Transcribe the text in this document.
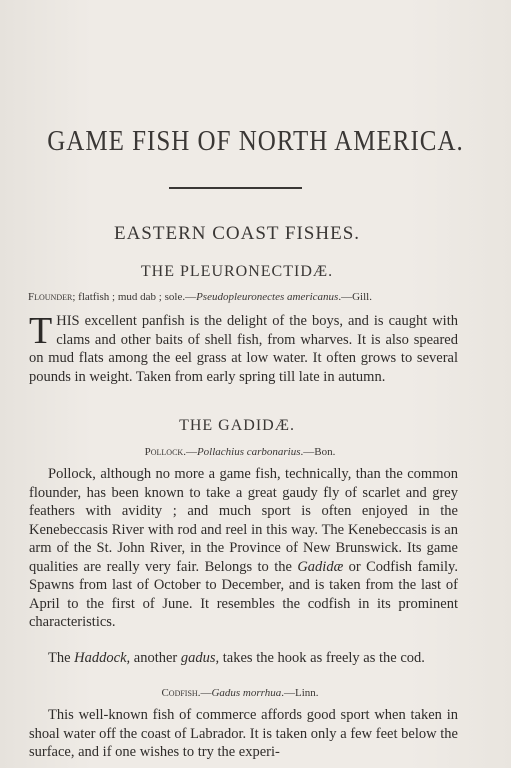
GAME FISH OF NORTH AMERICA.
EASTERN COAST FISHES.
THE PLEURONECTIDÆ.
Flounder; flatfish ; mud dab ; sole.—Pseudopleuronectes americanus.—Gill.
THIS excellent panfish is the delight of the boys, and is caught with clams and other baits of shell fish, from wharves. It is also speared on mud flats among the eel grass at low water. It often grows to several pounds in weight. Taken from early spring till late in autumn.
THE GADIDÆ.
Pollock.—Pollachius carbonarius.—Bon.
Pollock, although no more a game fish, technically, than the common flounder, has been known to take a great gaudy fly of scarlet and grey feathers with avidity ; and much sport is often enjoyed in the Kenebeccasis River with rod and reel in this way. The Kenebeccasis is an arm of the St. John River, in the Province of New Brunswick. Its game qualities are really very fair. Belongs to the Gadidæ or Codfish family. Spawns from last of October to December, and is taken from the last of April to the first of June. It resembles the codfish in its prominent characteristics.
The Haddock, another gadus, takes the hook as freely as the cod.
Codfish.—Gadus morrhua.—Linn.
This well-known fish of commerce affords good sport when taken in shoal water off the coast of Labrador. It is taken only a few feet below the surface, and if one wishes to try the experi-
